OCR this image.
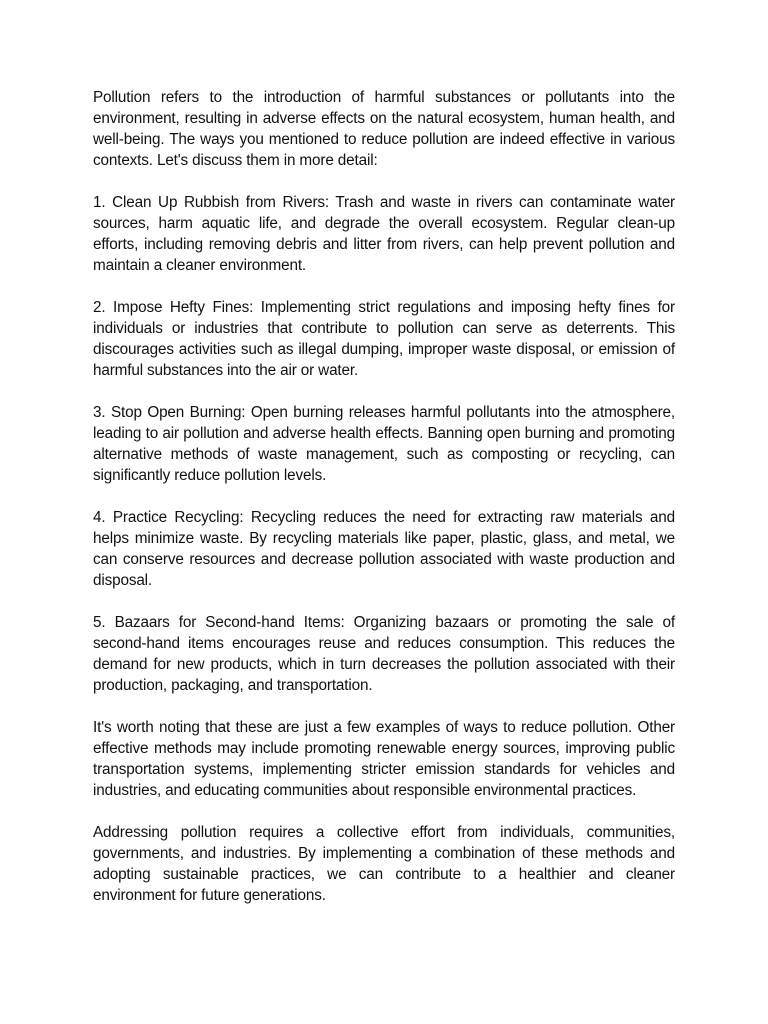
Pollution refers to the introduction of harmful substances or pollutants into the environment, resulting in adverse effects on the natural ecosystem, human health, and well-being. The ways you mentioned to reduce pollution are indeed effective in various contexts. Let's discuss them in more detail:

1. Clean Up Rubbish from Rivers: Trash and waste in rivers can contaminate water sources, harm aquatic life, and degrade the overall ecosystem. Regular clean-up efforts, including removing debris and litter from rivers, can help prevent pollution and maintain a cleaner environment.

2. Impose Hefty Fines: Implementing strict regulations and imposing hefty fines for individuals or industries that contribute to pollution can serve as deterrents. This discourages activities such as illegal dumping, improper waste disposal, or emission of harmful substances into the air or water.

3. Stop Open Burning: Open burning releases harmful pollutants into the atmosphere, leading to air pollution and adverse health effects. Banning open burning and promoting alternative methods of waste management, such as composting or recycling, can significantly reduce pollution levels.

4. Practice Recycling: Recycling reduces the need for extracting raw materials and helps minimize waste. By recycling materials like paper, plastic, glass, and metal, we can conserve resources and decrease pollution associated with waste production and disposal.

5. Bazaars for Second-hand Items: Organizing bazaars or promoting the sale of second-hand items encourages reuse and reduces consumption. This reduces the demand for new products, which in turn decreases the pollution associated with their production, packaging, and transportation.

It's worth noting that these are just a few examples of ways to reduce pollution. Other effective methods may include promoting renewable energy sources, improving public transportation systems, implementing stricter emission standards for vehicles and industries, and educating communities about responsible environmental practices.

Addressing pollution requires a collective effort from individuals, communities, governments, and industries. By implementing a combination of these methods and adopting sustainable practices, we can contribute to a healthier and cleaner environment for future generations.
